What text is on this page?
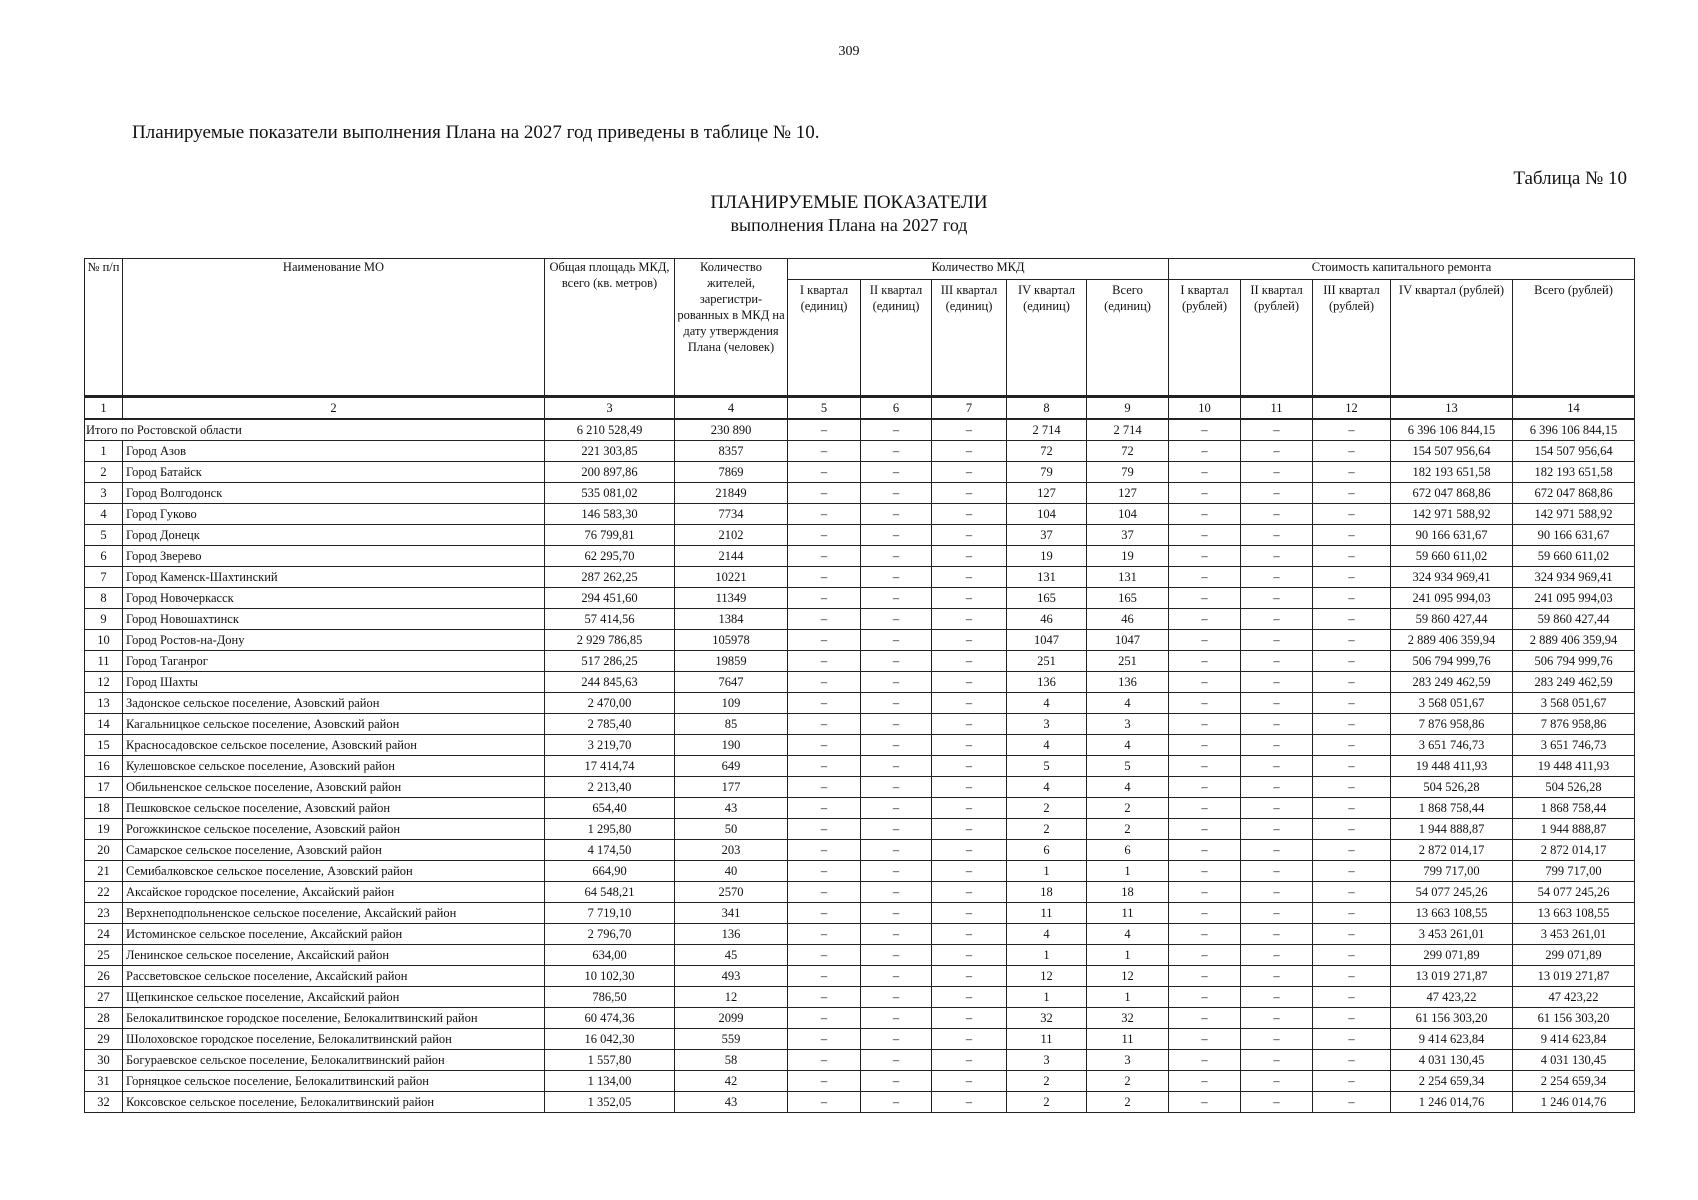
309
Планируемые показатели выполнения Плана на 2027 год приведены в таблице № 10.
Таблица № 10
ПЛАНИРУЕМЫЕ ПОКАЗАТЕЛИ
выполнения Плана на 2027 год
№ п/п	Наименование МО	Общая площадь МКД, всего (кв. метров)	Количество жителей, зарегистри-рованных в МКД на дату утверждения Плана (человек)	Количество МКД					Стоимость капитального ремонта				
				I квартал (единиц)	II квартал (единиц)	III квартал (единиц)	IV квартал (единиц)	Всего (единиц)	I квартал (рублей)	II квартал (рублей)	III квартал (рублей)	IV квартал (рублей)	Всего (рублей)
1	2	3	4	5	6	7	8	9	10	11	12	13	14
Итого по Ростовской области		6 210 528,49	230 890	–	–	–	2 714	2 714	–	–	–	6 396 106 844,15	6 396 106 844,15
1	Город Азов	221 303,85	8357	–	–	–	72	72	–	–	–	154 507 956,64	154 507 956,64
2	Город Батайск	200 897,86	7869	–	–	–	79	79	–	–	–	182 193 651,58	182 193 651,58
3	Город Волгодонск	535 081,02	21849	–	–	–	127	127	–	–	–	672 047 868,86	672 047 868,86
4	Город Гуково	146 583,30	7734	–	–	–	104	104	–	–	–	142 971 588,92	142 971 588,92
5	Город Донецк	76 799,81	2102	–	–	–	37	37	–	–	–	90 166 631,67	90 166 631,67
6	Город Зверево	62 295,70	2144	–	–	–	19	19	–	–	–	59 660 611,02	59 660 611,02
7	Город Каменск-Шахтинский	287 262,25	10221	–	–	–	131	131	–	–	–	324 934 969,41	324 934 969,41
8	Город Новочеркасск	294 451,60	11349	–	–	–	165	165	–	–	–	241 095 994,03	241 095 994,03
9	Город Новошахтинск	57 414,56	1384	–	–	–	46	46	–	–	–	59 860 427,44	59 860 427,44
10	Город Ростов-на-Дону	2 929 786,85	105978	–	–	–	1047	1047	–	–	–	2 889 406 359,94	2 889 406 359,94
11	Город Таганрог	517 286,25	19859	–	–	–	251	251	–	–	–	506 794 999,76	506 794 999,76
12	Город Шахты	244 845,63	7647	–	–	–	136	136	–	–	–	283 249 462,59	283 249 462,59
13	Задонское сельское поселение, Азовский район	2 470,00	109	–	–	–	4	4	–	–	–	3 568 051,67	3 568 051,67
14	Кагальницкое сельское поселение, Азовский район	2 785,40	85	–	–	–	3	3	–	–	–	7 876 958,86	7 876 958,86
15	Красносадовское сельское поселение, Азовский район	3 219,70	190	–	–	–	4	4	–	–	–	3 651 746,73	3 651 746,73
16	Кулешовское сельское поселение, Азовский район	17 414,74	649	–	–	–	5	5	–	–	–	19 448 411,93	19 448 411,93
17	Обильненское сельское поселение, Азовский район	2 213,40	177	–	–	–	4	4	–	–	–	504 526,28	504 526,28
18	Пешковское сельское поселение, Азовский район	654,40	43	–	–	–	2	2	–	–	–	1 868 758,44	1 868 758,44
19	Рогожкинское сельское поселение, Азовский район	1 295,80	50	–	–	–	2	2	–	–	–	1 944 888,87	1 944 888,87
20	Самарское сельское поселение, Азовский район	4 174,50	203	–	–	–	6	6	–	–	–	2 872 014,17	2 872 014,17
21	Семибалковское сельское поселение, Азовский район	664,90	40	–	–	–	1	1	–	–	–	799 717,00	799 717,00
22	Аксайское городское поселение, Аксайский район	64 548,21	2570	–	–	–	18	18	–	–	–	54 077 245,26	54 077 245,26
23	Верхнеподпольненское сельское поселение, Аксайский район	7 719,10	341	–	–	–	11	11	–	–	–	13 663 108,55	13 663 108,55
24	Истоминское сельское поселение, Аксайский район	2 796,70	136	–	–	–	4	4	–	–	–	3 453 261,01	3 453 261,01
25	Ленинское сельское поселение, Аксайский район	634,00	45	–	–	–	1	1	–	–	–	299 071,89	299 071,89
26	Рассветовское сельское поселение, Аксайский район	10 102,30	493	–	–	–	12	12	–	–	–	13 019 271,87	13 019 271,87
27	Щепкинское сельское поселение, Аксайский район	786,50	12	–	–	–	1	1	–	–	–	47 423,22	47 423,22
28	Белокалитвинское городское поселение, Белокалитвинский район	60 474,36	2099	–	–	–	32	32	–	–	–	61 156 303,20	61 156 303,20
29	Шолоховское городское поселение, Белокалитвинский район	16 042,30	559	–	–	–	11	11	–	–	–	9 414 623,84	9 414 623,84
30	Богураевское сельское поселение, Белокалитвинский район	1 557,80	58	–	–	–	3	3	–	–	–	4 031 130,45	4 031 130,45
31	Горняцкое сельское поселение, Белокалитвинский район	1 134,00	42	–	–	–	2	2	–	–	–	2 254 659,34	2 254 659,34
32	Коксовское сельское поселение, Белокалитвинский район	1 352,05	43	–	–	–	2	2	–	–	–	1 246 014,76	1 246 014,76
